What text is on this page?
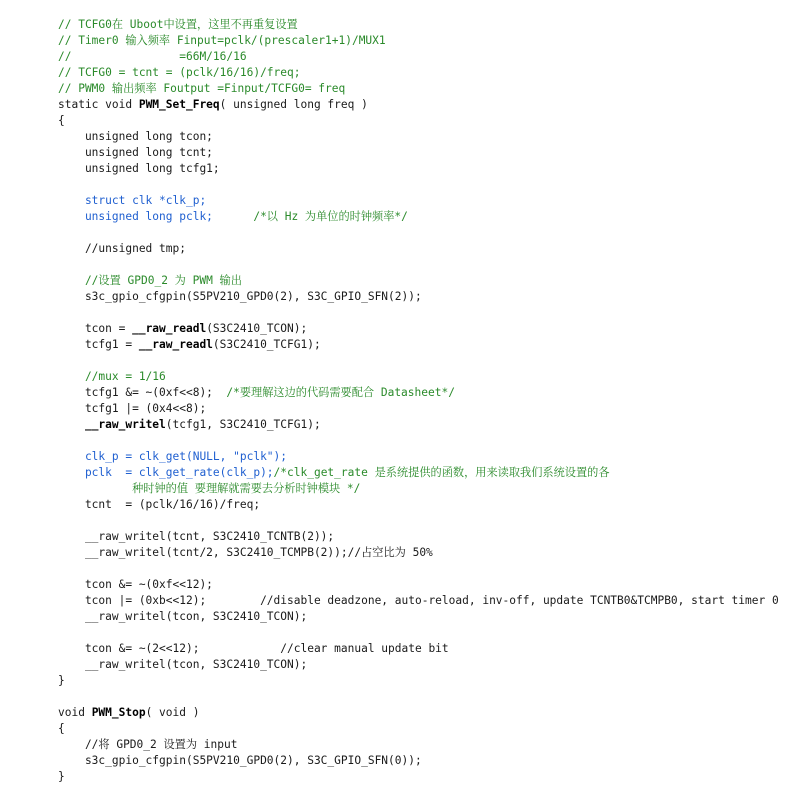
// TCFG0在 Uboot中设置，这里不再重复设置
// Timer0 输入频率 Finput=pclk/(prescaler1+1)/MUX1
//                =66M/16/16
// TCFG0 = tcnt = (pclk/16/16)/freq;
// PWM0 输出频率 Foutput =Finput/TCFG0= freq
static void PWM_Set_Freq( unsigned long freq )
{
unsigned long tcon;
unsigned long tcnt;
unsigned long tcfg1;
struct clk *clk_p;
unsigned long pclk;      /*以 Hz 为单位的时钟频率*/
//unsigned tmp;
//设置 GPD0_2 为 PWM 输出
s3c_gpio_cfgpin(S5PV210_GPD0(2), S3C_GPIO_SFN(2));
tcon = __raw_readl(S3C2410_TCON);
tcfg1 = __raw_readl(S3C2410_TCFG1);
//mux = 1/16
tcfg1 &= ~(0xf<<8);  /*要理解这边的代码需要配合 Datasheet*/
tcfg1 |= (0x4<<8);
__raw_writel(tcfg1, S3C2410_TCFG1);
clk_p = clk_get(NULL, "pclk");
pclk  = clk_get_rate(clk_p);/*clk_get_rate 是系统提供的函数，用来读取我们系统设置的各
种时钟的值 要理解就需要去分析时钟模块 */
tcnt  = (pclk/16/16)/freq;
__raw_writel(tcnt, S3C2410_TCNTB(2));
__raw_writel(tcnt/2, S3C2410_TCMPB(2));//占空比为 50%
tcon &= ~(0xf<<12);
tcon |= (0xb<<12);        //disable deadzone, auto-reload, inv-off, update TCNTB0&TCMPB0, start timer 0
__raw_writel(tcon, S3C2410_TCON);
tcon &= ~(2<<12);            //clear manual update bit
__raw_writel(tcon, S3C2410_TCON);
}
void PWM_Stop( void )
{
//将 GPD0_2 设置为 input
s3c_gpio_cfgpin(S5PV210_GPD0(2), S3C_GPIO_SFN(0));
}
